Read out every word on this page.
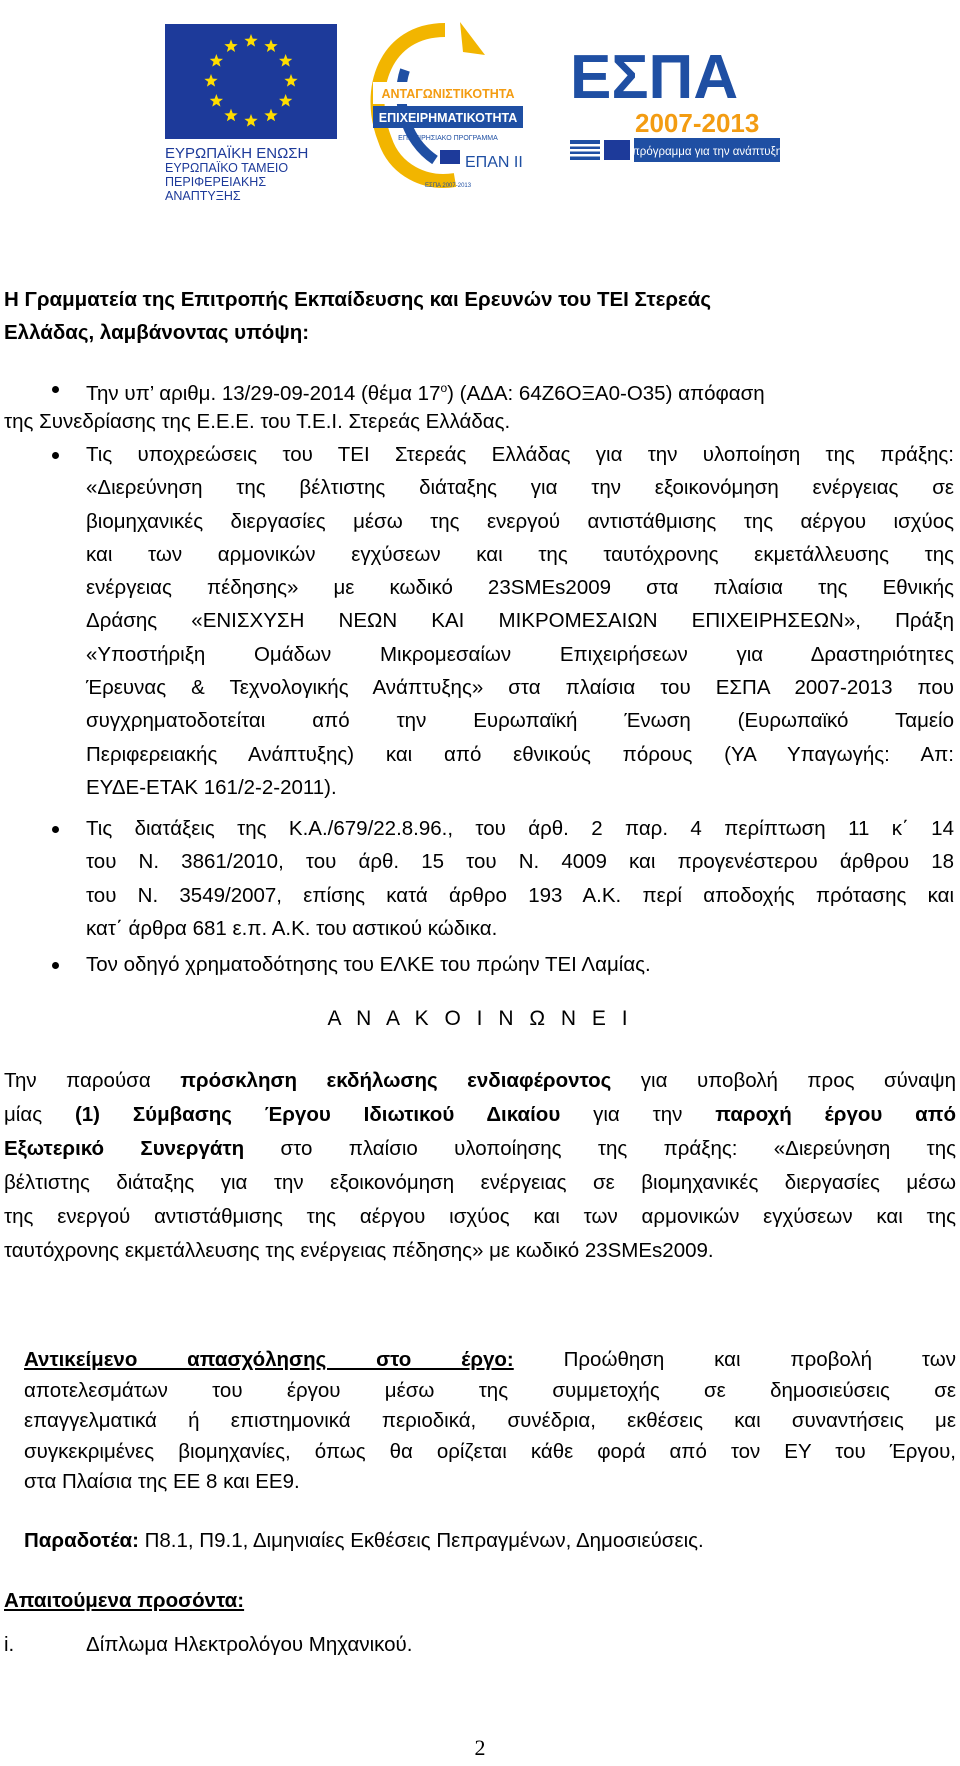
ΕΥΡΩΠΑΪΚΗ ΕΝΩΣΗ
ΕΥΡΩΠΑΪΚΟ ΤΑΜΕΙΟ
ΠΕΡΙΦΕΡΕΙΑΚΗΣ ΑΝΑΠΤΥΞΗΣ
ΑΝΤΑΓΩΝΙΣΤΙΚΟΤΗΤΑ
ΕΠΙΧΕΙΡΗΜΑΤΙΚΟΤΗΤΑ
ΕΠΙΧΕΙΡΗΣΙΑΚΟ ΠΡΟΓΡΑΜΜΑ
ΕΠΑΝ II
ΕΣΠΑ 2007-2013
ΕΣΠΑ
2007-2013
πρόγραμμα για την ανάπτυξη
Η Γραμματεία της Επιτροπής Εκπαίδευσης και Ερευνών του ΤΕΙ Στερεάς
Ελλάδας, λαμβάνοντας υπόψη:
Την υπ’ αριθμ. 13/29-09-2014 (θέμα $17^o$) (ΑΔΑ: 64Ζ6ΟΞΑ0-Ο35) απόφαση
της Συνεδρίασης της Ε.Ε.Ε. του Τ.Ε.Ι. Στερεάς Ελλάδας.
Τις υποχρεώσεις του ΤΕΙ Στερεάς Ελλάδας για την υλοποίηση της πράξης:
«Διερεύνηση της βέλτιστης διάταξης για την εξοικονόμηση ενέργειας σε
βιομηχανικές διεργασίες μέσω της ενεργού αντιστάθμισης της αέργου ισχύος
και των αρμονικών εγχύσεων και της ταυτόχρονης εκμετάλλευσης της
ενέργειας πέδησης» με κωδικό 23SMEs2009 στα πλαίσια της Εθνικής
Δράσης «ΕΝΙΣΧΥΣΗ ΝΕΩΝ ΚΑΙ ΜΙΚΡΟΜΕΣΑΙΩΝ ΕΠΙΧΕΙΡΗΣΕΩΝ», Πράξη
«Υποστήριξη Ομάδων Μικρομεσαίων Επιχειρήσεων για Δραστηριότητες
Έρευνας & Τεχνολογικής Ανάπτυξης» στα πλαίσια του ΕΣΠΑ 2007-2013 που
συγχρηματοδοτείται από την Ευρωπαϊκή Ένωση (Ευρωπαϊκό Ταμείο
Περιφερειακής Ανάπτυξης) και από εθνικούς πόρους (ΥΑ Υπαγωγής: Απ:
ΕΥΔΕ-ΕΤΑΚ 161/2-2-2011).
Τις διατάξεις της Κ.Α./679/22.8.96., του άρθ. 2 παρ. 4 περίπτωση 11 κ΄ 14
του Ν. 3861/2010, του άρθ. 15 του Ν. 4009 και προγενέστερου άρθρου 18
του Ν. 3549/2007, επίσης κατά άρθρο 193 Α.Κ. περί αποδοχής πρότασης και
κατ΄ άρθρα 681 ε.π. Α.Κ. του αστικού κώδικα.
Τον οδηγό χρηματοδότησης του ΕΛΚΕ του πρώην ΤΕΙ Λαμίας.
Α Ν Α Κ Ο Ι Ν Ω Ν Ε Ι
Την παρούσα πρόσκληση εκδήλωσης ενδιαφέροντος για υποβολή προς σύναψη
μίας (1) Σύμβασης Έργου Ιδιωτικού Δικαίου για την παροχή έργου από
Εξωτερικό Συνεργάτη στο πλαίσιο υλοποίησης της πράξης: «Διερεύνηση της
βέλτιστης διάταξης για την εξοικονόμηση ενέργειας σε βιομηχανικές διεργασίες μέσω
της ενεργού αντιστάθμισης της αέργου ισχύος και των αρμονικών εγχύσεων και της
ταυτόχρονης εκμετάλλευσης της ενέργειας πέδησης» με κωδικό 23SMEs2009.
Αντικείμενο απασχόλησης στο έργο: Προώθηση και προβολή των
αποτελεσμάτων του έργου μέσω της συμμετοχής σε δημοσιεύσεις σε
επαγγελματικά ή επιστημονικά περιοδικά, συνέδρια, εκθέσεις και συναντήσεις με
συγκεκριμένες βιομηχανίες, όπως θα ορίζεται κάθε φορά από τον ΕΥ του Έργου,
στα Πλαίσια της ΕΕ 8 και ΕΕ9.
Παραδοτέα: Π8.1, Π9.1, Διμηνιαίες Εκθέσεις Πεπραγμένων, Δημοσιεύσεις.
Απαιτούμενα προσόντα:
i.	Δίπλωμα Ηλεκτρολόγου Μηχανικού.
2
